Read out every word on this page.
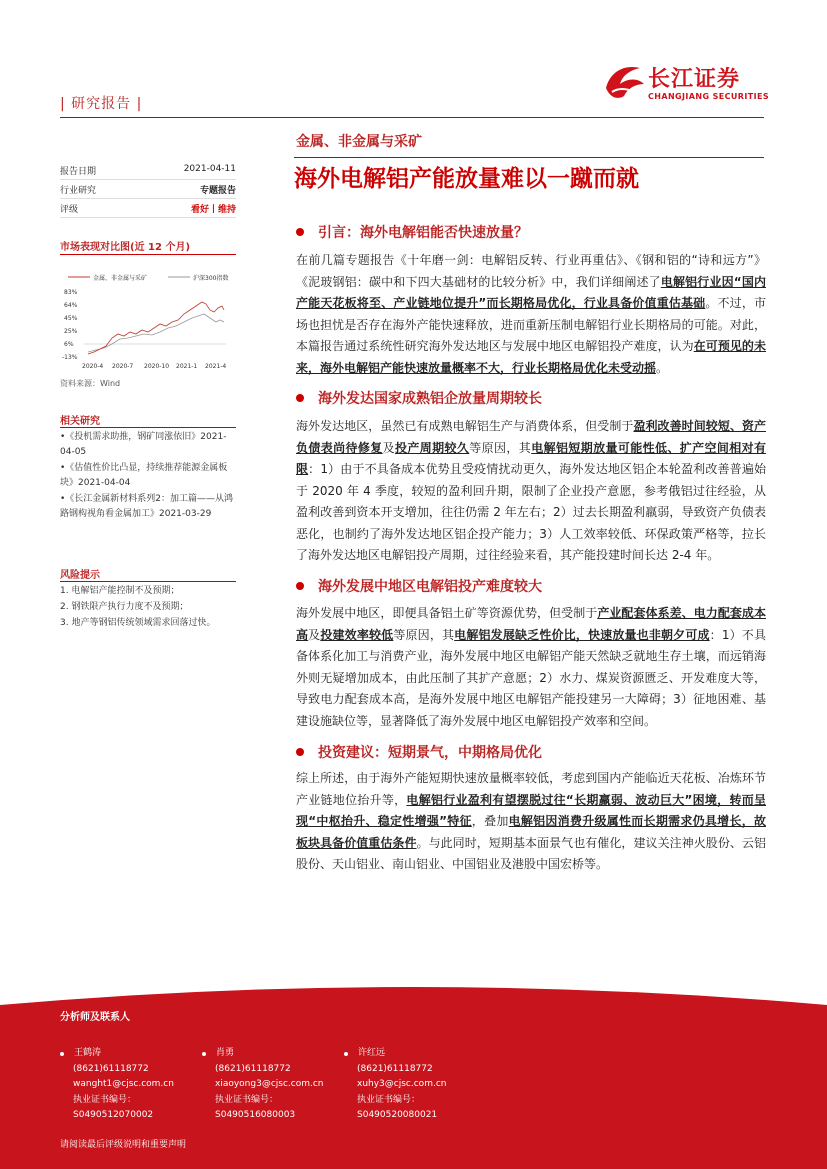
| 研究报告 |
长江证券
CHANGJIANG SECURITIES
金属、非金属与采矿
海外电解铝产能放量难以一蹴而就
报告日期	2021-04-11
行业研究	专题报告
评级	看好丨维持
市场表现对比图(近 12 个月)
金属、非金属与采矿	沪深300指数
83%
64%
45%
25%
6%
-13%
2020-4 2020-7 2020-10 2021-1 2021-4
资料来源：Wind
相关研究

•《投机需求助推，钢矿同涨依旧》2021-04-05

•《估值性价比凸显，持续推荐能源金属板块》2021-04-04

•《长江金属新材料系列2：加工篇——从鸿路钢构视角看金属加工》2021-03-29

风险提示

1. 电解铝产能控制不及预期；

2. 钢铁限产执行力度不及预期；

3. 地产等钢铝传统领域需求回落过快。

引言：海外电解铝能否快速放量？
在前几篇专题报告《十年磨一剑：电解铝反转、行业再重估》、《钢和铝的“诗和远方”》《泥玻钢铝：碳中和下四大基础材的比较分析》中，我们详细阐述了电解铝行业因“国内产能天花板将至、产业链地位提升”而长期格局优化，行业具备价值重估基础。不过，市场也担忧是否存在海外产能快速释放，进而重新压制电解铝行业长期格局的可能。对此，本篇报告通过系统性研究海外发达地区与发展中地区电解铝投产难度，认为在可预见的未来，海外电解铝产能快速放量概率不大，行业长期格局优化未受动摇。
海外发达国家成熟铝企放量周期较长
海外发达地区，虽然已有成熟电解铝生产与消费体系，但受制于盈利改善时间较短、资产负债表尚待修复及投产周期较久等原因，其电解铝短期放量可能性低、扩产空间相对有限：1）由于不具备成本优势且受疫情扰动更久，海外发达地区铝企本轮盈利改善普遍始于 2020 年 4 季度，较短的盈利回升期，限制了企业投产意愿，参考俄铝过往经验，从盈利改善到资本开支增加，往往仍需 2 年左右；2）过去长期盈利羸弱，导致资产负债表恶化，也制约了海外发达地区铝企投产能力；3）人工效率较低、环保政策严格等，拉长了海外发达地区电解铝投产周期，过往经验来看，其产能投建时间长达 2-4 年。
海外发展中地区电解铝投产难度较大
海外发展中地区，即便具备铝土矿等资源优势，但受制于产业配套体系差、电力配套成本高及投建效率较低等原因，其电解铝发展缺乏性价比，快速放量也非朝夕可成：1）不具备体系化加工与消费产业，海外发展中地区电解铝产能天然缺乏就地生存土壤，而远销海外则无疑增加成本，由此压制了其扩产意愿；2）水力、煤炭资源匮乏、开发难度大等，导致电力配套成本高，是海外发展中地区电解铝产能投建另一大障碍；3）征地困难、基建设施缺位等，显著降低了海外发展中地区电解铝投产效率和空间。
投资建议：短期景气，中期格局优化
综上所述，由于海外产能短期快速放量概率较低，考虑到国内产能临近天花板、冶炼环节产业链地位抬升等，电解铝行业盈利有望摆脱过往“长期羸弱、波动巨大”困境，转而呈现“中枢抬升、稳定性增强”特征，叠加电解铝因消费升级属性而长期需求仍具增长，故板块具备价值重估条件。与此同时，短期基本面景气也有催化，建议关注神火股份、云铝股份、天山铝业、南山铝业、中国铝业及港股中国宏桥等。
分析师及联系人
王鹤涛
(8621)61118772
wanght1@cjsc.com.cn
执业证书编号：
S0490512070002
肖勇
(8621)61118772
xiaoyong3@cjsc.com.cn
执业证书编号：
S0490516080003
许红远
(8621)61118772
xuhy3@cjsc.com.cn
执业证书编号：
S0490520080021
请阅读最后评级说明和重要声明
